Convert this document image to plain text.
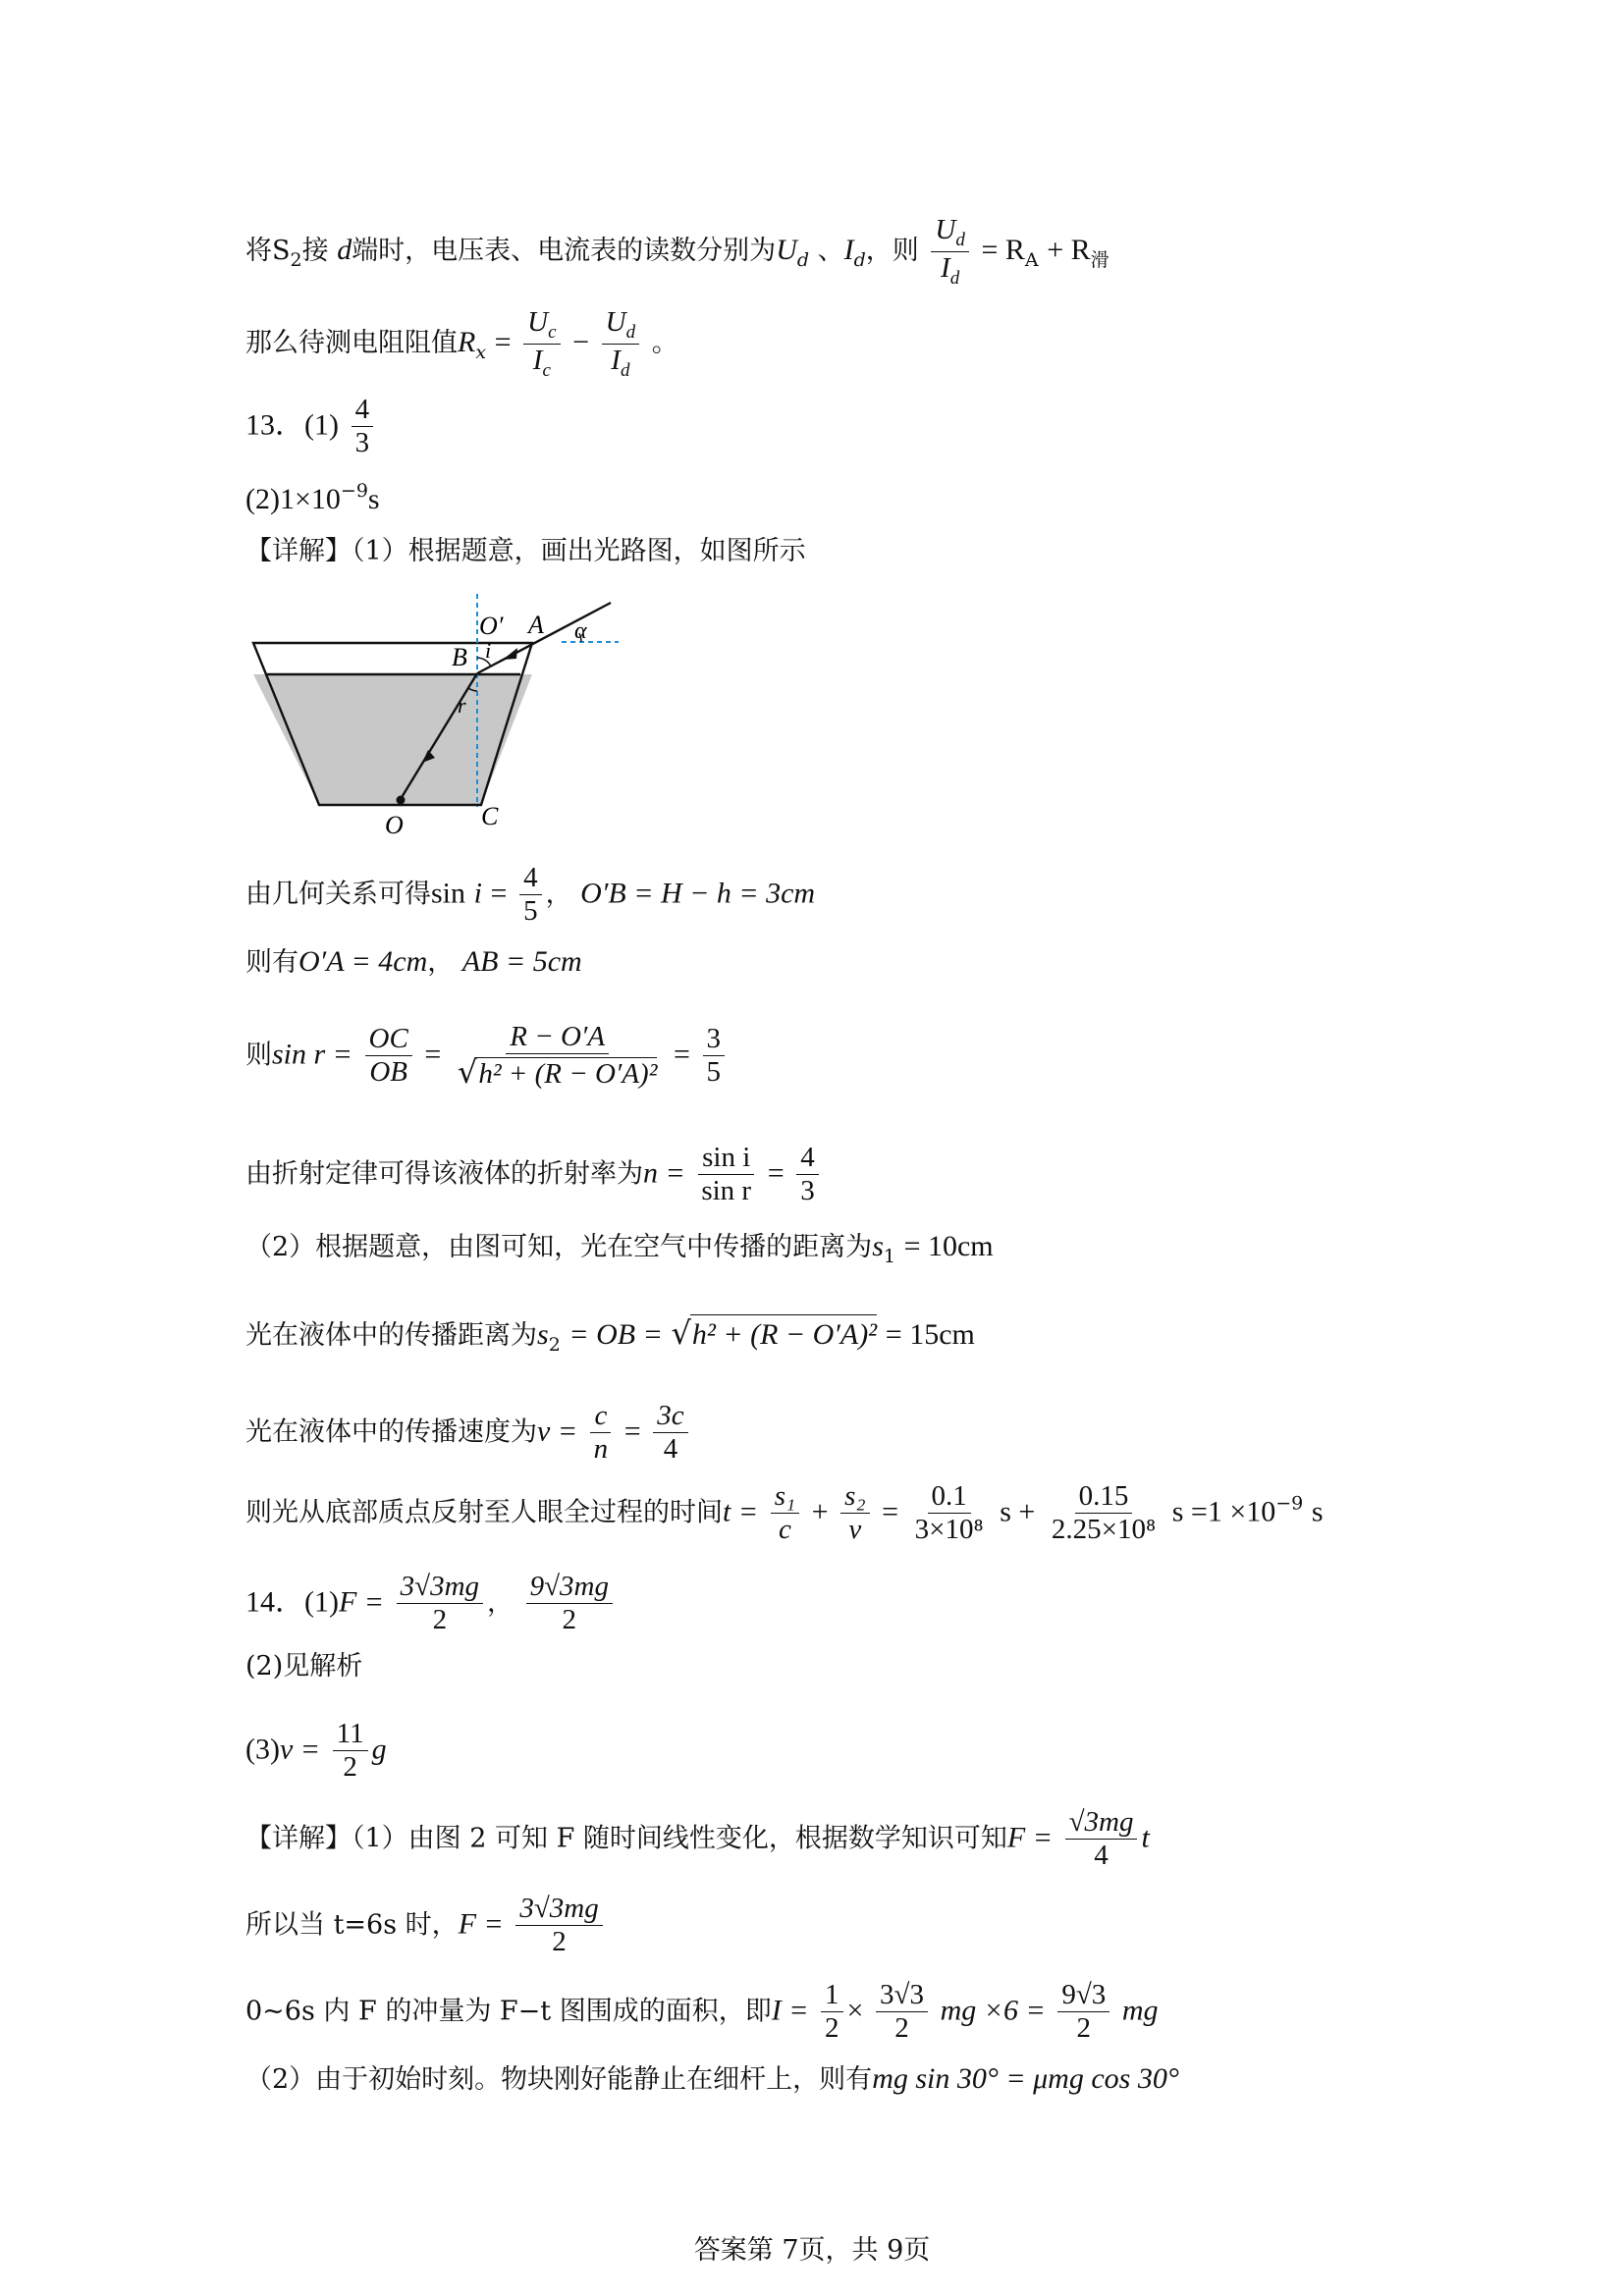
将$S_2$接 d端时，电压表、电流表的读数分别为$U_d$ 、$I_d$，则 $\frac{U_d}{I_d} = R_A + R_滑$
那么待测电阻阻值$R_x = \frac{U_c}{I_c} - \frac{U_d}{I_d}$ 。
13．$(1) \frac{4}{3}$
$(2)1\times 10^{-9}s$
【详解】（1）根据题意，画出光路图，如图所示
O′ A α
B i
r
O	C
由几何关系可得$\sin i = \frac{4}{5}$ ， O′B = H − h = 3cm
则有O′A = 4cm， AB = 5cm
则$\sin r = \frac{OC}{OB} = \frac{R - O'A}{\text{√h² + (R − O′A)²}} = \frac{3}{5}$
由折射定律可得该液体的折射率为$n = \frac{\text{sin i}}{\text{sin r}} = \frac{4}{3}$
（2）根据题意，由图可知，光在空气中传播的距离为$s_1 = 10cm$
光在液体中的传播距离为$s_2$ = OB = √h² + (R − O′A)² = 15cm
光在液体中的传播速度为$v = \frac{c}{n} = \frac{3c}{4}$
则光从底部质点反射至人眼全过程的时间$t = \frac{\text{s₁}}{c} + \frac{\text{s₂}}{v} = \frac{0.1}{\text{3×10⁸}}$ $s + \frac{0.15}{\text{2.25×10⁸}}$ $s =1 \times 10^{-9}$ s
14．$(1)F = \frac{3√3mg}{2}$ ， $\frac{9√3mg}{2}$
(2)见解析
$(3)v = \frac{11}{2}$ g
【详解】（1）由图 2 可知 F 随时间线性变化，根据数学知识可知$F = \frac{√3mg}{4}$ t
所以当 t=6s 时，$F = \frac{3√3mg}{2}$
0~6s 内 F 的冲量为 F−t 图围成的面积，即$I = \frac{1}{2} \times \frac{3√3}{2}$ mg $\times 6 = \frac{9√3}{2}$ mg
（2）由于初始时刻。物块刚好能静止在细杆上，则有mg sin 30° = μmg cos 30°
答案第 7页，共 9页
